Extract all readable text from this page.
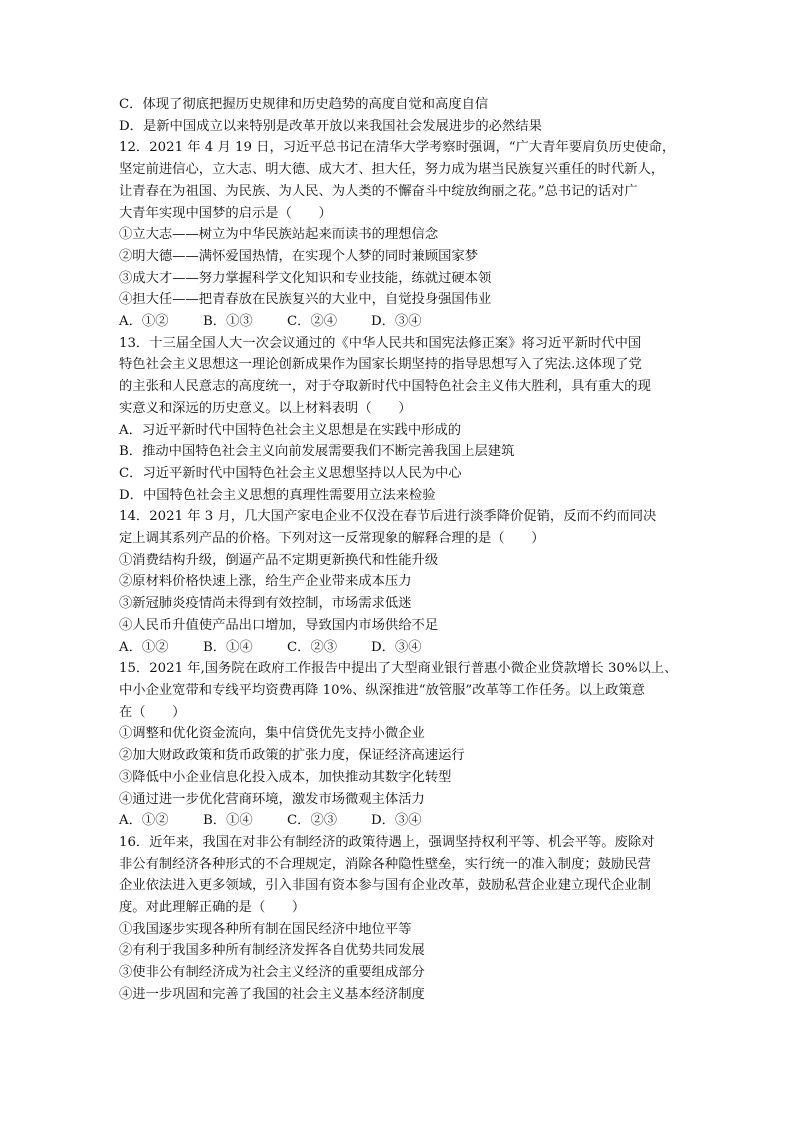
C．体现了彻底把握历史规律和历史趋势的高度自觉和高度自信

D．是新中国成立以来特别是改革开放以来我国社会发展进步的必然结果

12．2021 年 4 月 19 日，习近平总书记在清华大学考察时强调，“广大青年要肩负历史使命，

坚定前进信心，立大志、明大德、成大才、担大任，努力成为堪当民族复兴重任的时代新人，

让青春在为祖国、为民族、为人民、为人类的不懈奋斗中绽放绚丽之花。”总书记的话对广

大青年实现中国梦的启示是（　　）

①立大志——树立为中华民族站起来而读书的理想信念

②明大德——满怀爱国热情，在实现个人梦的同时兼顾国家梦

③成大才——努力掌握科学文化知识和专业技能，练就过硬本领

④担大任——把青春放在民族复兴的大业中，自觉投身强国伟业

A．①②	B．①③	C．②④	D．③④

13．十三届全国人大一次会议通过的《中华人民共和国宪法修正案》将习近平新时代中国

特色社会主义思想这一理论创新成果作为国家长期坚持的指导思想写入了宪法.这体现了党

的主张和人民意志的高度统一，对于夺取新时代中国特色社会主义伟大胜利，具有重大的现

实意义和深远的历史意义。以上材料表明（　　）

A．习近平新时代中国特色社会主义思想是在实践中形成的

B．推动中国特色社会主义向前发展需要我们不断完善我国上层建筑

C．习近平新时代中国特色社会主义思想坚持以人民为中心

D．中国特色社会主义思想的真理性需要用立法来检验

14．2021 年 3 月，几大国产家电企业不仅没在春节后进行淡季降价促销，反而不约而同决

定上调其系列产品的价格。下列对这一反常现象的解释合理的是（　　）

①消费结构升级，倒逼产品不定期更新换代和性能升级

②原材料价格快速上涨，给生产企业带来成本压力

③新冠肺炎疫情尚未得到有效控制，市场需求低迷

④人民币升值使产品出口增加，导致国内市场供给不足

A．①②	B．①④	C．②③	D．③④

15．2021 年,国务院在政府工作报告中提出了大型商业银行普惠小微企业贷款增长 30%以上、

中小企业宽带和专线平均资费再降 10%、纵深推进“放管服”改革等工作任务。以上政策意

在（　　）

①调整和优化资金流向，集中信贷优先支持小微企业

②加大财政政策和货币政策的扩张力度，保证经济高速运行

③降低中小企业信息化投入成本，加快推动其数字化转型

④通过进一步优化营商环境，激发市场微观主体活力

A．①②	B．①④	C．②③	D．③④

16．近年来，我国在对非公有制经济的政策待遇上，强调坚持权利平等、机会平等。废除对

非公有制经济各种形式的不合理规定，消除各种隐性壁垒，实行统一的准入制度；鼓励民营

企业依法进入更多领域，引入非国有资本参与国有企业改革，鼓励私营企业建立现代企业制

度。对此理解正确的是（　　）

①我国逐步实现各种所有制在国民经济中地位平等

②有利于我国多种所有制经济发挥各自优势共同发展

③使非公有制经济成为社会主义经济的重要组成部分

④进一步巩固和完善了我国的社会主义基本经济制度
